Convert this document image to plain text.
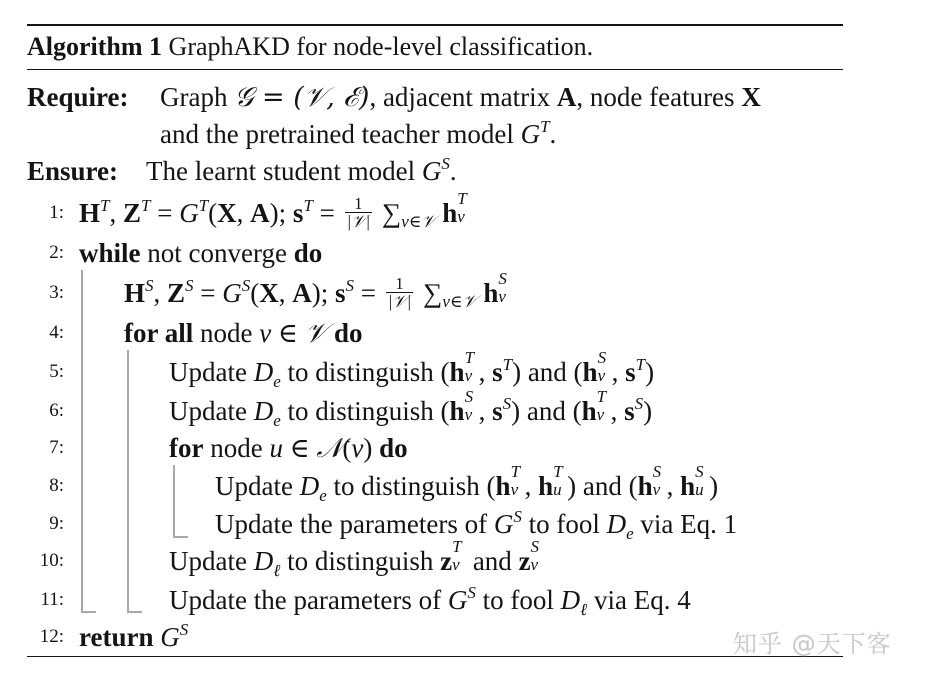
Algorithm 1 GraphAKD for node-level classification.
Require: Graph 𝒢 = (𝒱, ℰ), adjacent matrix A, node features X
and the pretrained teacher model $G^T$.
Ensure: The learnt student model $G^S$.
1:
2:
3:
4:
5:
6:
7:
8:
9:
10:
11:
12:
$H^T$, $Z^T = G^T(X$, A); $s^T = \frac{1}{\text{|𝒱|}}$ ∑v∈𝒱 h T
v
while not converge do
$H^S$, $Z^S = G^S(X$, A); $s^S = \frac{1}{\text{|𝒱|}}$ ∑v∈𝒱 h S
v
for all node v ∈ 𝒱 do
Update $D_e$ to distinguish (h T
v , $s^T$) and (h S
v , $s^T$)
Update $D_e$ to distinguish (h S
v , $s^S$) and (h T
v , $s^S$)
for node u ∈ 𝒩(v) do
Update $D_e$ to distinguish (h T
v , h T
u ) and (h S
v , h S
u )
Update the parameters of $G^S$ to fool $D_e$ via Eq. 1
Update $D_\ell$ to distinguish z T
v and z S
v
Update the parameters of $G^S$ to fool $D_\ell$ via Eq. 4
return $G^S$
知乎 @天下客
